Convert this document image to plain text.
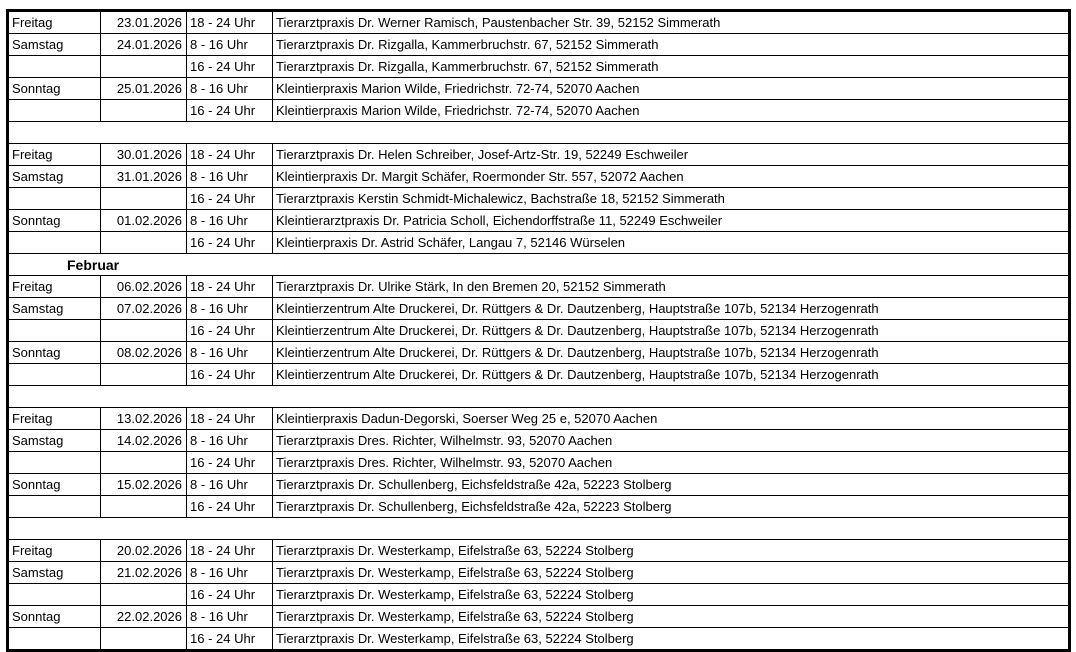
Freitag	23.01.2026	18 - 24 Uhr	Tierarztpraxis Dr. Werner Ramisch, Paustenbacher Str. 39, 52152 Simmerath
Samstag	24.01.2026	8 - 16 Uhr	Tierarztpraxis Dr. Rizgalla, Kammerbruchstr. 67, 52152 Simmerath
		16 - 24 Uhr	Tierarztpraxis Dr. Rizgalla, Kammerbruchstr. 67, 52152 Simmerath
Sonntag	25.01.2026	8 - 16 Uhr	Kleintierpraxis Marion Wilde, Friedrichstr. 72-74, 52070 Aachen
		16 - 24 Uhr	Kleintierpraxis Marion Wilde, Friedrichstr. 72-74, 52070 Aachen

Freitag	30.01.2026	18 - 24 Uhr	Tierarztpraxis Dr. Helen Schreiber, Josef-Artz-Str. 19, 52249 Eschweiler
Samstag	31.01.2026	8 - 16 Uhr	Kleintierpraxis Dr. Margit Schäfer, Roermonder Str. 557, 52072 Aachen
		16 - 24 Uhr	Tierarztpraxis Kerstin Schmidt-Michalewicz, Bachstraße 18, 52152 Simmerath
Sonntag	01.02.2026	8 - 16 Uhr	Kleintierarztpraxis Dr. Patricia Scholl, Eichendorffstraße 11, 52249 Eschweiler
		16 - 24 Uhr	Kleintierpraxis Dr. Astrid Schäfer, Langau 7, 52146 Würselen
Februar			
Freitag	06.02.2026	18 - 24 Uhr	Tierarztpraxis Dr. Ulrike Stärk, In den Bremen 20, 52152 Simmerath
Samstag	07.02.2026	8 - 16 Uhr	Kleintierzentrum Alte Druckerei, Dr. Rüttgers & Dr. Dautzenberg, Hauptstraße 107b, 52134 Herzogenrath
		16 - 24 Uhr	Kleintierzentrum Alte Druckerei, Dr. Rüttgers & Dr. Dautzenberg, Hauptstraße 107b, 52134 Herzogenrath
Sonntag	08.02.2026	8 - 16 Uhr	Kleintierzentrum Alte Druckerei, Dr. Rüttgers & Dr. Dautzenberg, Hauptstraße 107b, 52134 Herzogenrath
		16 - 24 Uhr	Kleintierzentrum Alte Druckerei, Dr. Rüttgers & Dr. Dautzenberg, Hauptstraße 107b, 52134 Herzogenrath

Freitag	13.02.2026	18 - 24 Uhr	Kleintierpraxis Dadun-Degorski, Soerser Weg 25 e, 52070 Aachen
Samstag	14.02.2026	8 - 16 Uhr	Tierarztpraxis Dres. Richter, Wilhelmstr. 93, 52070 Aachen
		16 - 24 Uhr	Tierarztpraxis Dres. Richter, Wilhelmstr. 93, 52070 Aachen
Sonntag	15.02.2026	8 - 16 Uhr	Tierarztpraxis Dr. Schullenberg, Eichsfeldstraße 42a, 52223 Stolberg
		16 - 24 Uhr	Tierarztpraxis Dr. Schullenberg, Eichsfeldstraße 42a, 52223 Stolberg

Freitag	20.02.2026	18 - 24 Uhr	Tierarztpraxis Dr. Westerkamp, Eifelstraße 63, 52224 Stolberg
Samstag	21.02.2026	8 - 16 Uhr	Tierarztpraxis Dr. Westerkamp, Eifelstraße 63, 52224 Stolberg
		16 - 24 Uhr	Tierarztpraxis Dr. Westerkamp, Eifelstraße 63, 52224 Stolberg
Sonntag	22.02.2026	8 - 16 Uhr	Tierarztpraxis Dr. Westerkamp, Eifelstraße 63, 52224 Stolberg
		16 - 24 Uhr	Tierarztpraxis Dr. Westerkamp, Eifelstraße 63, 52224 Stolberg
